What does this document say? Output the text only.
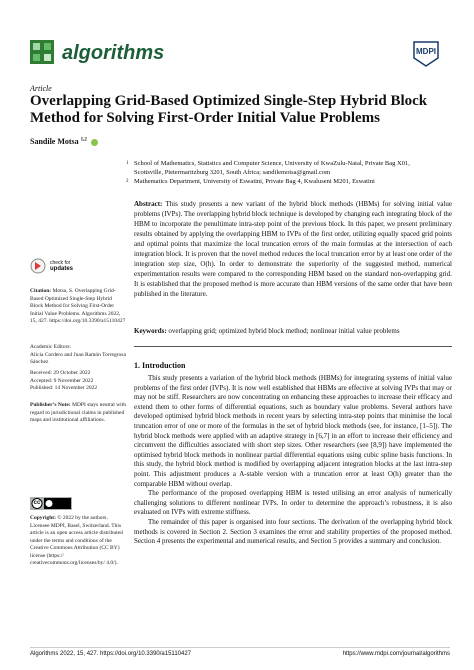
algorithms	MDPI
Article
Overlapping Grid-Based Optimized Single-Step Hybrid Block Method for Solving First-Order Initial Value Problems
Sandile Motsa $^{1,2}$
1 School of Mathematics, Statistics and Computer Science, University of KwaZulu-Natal, Private Bag X01,
Scottsville, Pietermaritzburg 3201, South Africa; sandilemotsa@gmail.com
2 Mathematics Department, University of Eswatini, Private Bag 4, Kwaluseni M201, Eswatini
Abstract: This study presents a new variant of the hybrid block methods (HBMs) for solving initial value problems (IVPs). The overlapping hybrid block technique is developed by changing each integrating block of the HBM to incorporate the penultimate intra-step point of the previous block. In this paper, we present preliminary results obtained by applying the overlapping HBM to IVPs of the first order, utilizing equally spaced grid points and optimal points that maximize the local truncation errors of the main formulas at the intersection of each integration block. It is proven that the novel method reduces the local truncation error by at least one order of the integration step size, O(h). In order to demonstrate the superiority of the suggested method, numerical experimentation results were compared to the corresponding HBM based on the standard non-overlapping grid. It is established that the proposed method is more accurate than HBM versions of the same order that have been published in the literature.
Keywords: overlapping grid; optimized hybrid block method; nonlinear initial value problems
check for
updates
Citation: Motsa, S. Overlapping Grid-Based Optimized Single-Step Hybrid Block Method for Solving First-Order Initial Value Problems. Algorithms 2022, 15, 427. https://doi.org/10.3390/a15110427
Academic Editors:
Alicia Cordero and Juan Ramón Torregrosa Sánchez
Received: 29 October 2022
Accepted: 9 November 2022
Published: 14 November 2022
Publisher’s Note: MDPI stays neutral with regard to jurisdictional claims in published maps and institutional affiliations.
cc
Copyright: © 2022 by the authors. Licensee MDPI, Basel, Switzerland. This article is an open access article distributed under the terms and conditions of the Creative Commons Attribution (CC BY) license (https:// creativecommons.org/licenses/by/ 4.0/).
1. Introduction

This study presents a variation of the hybrid block methods (HBMs) for integrating systems of initial value problems of the first order (IVPs). It is now well established that HBMs are effective at solving IVPs that may or may not be stiff. Researchers are now concentrating on enhancing these approaches to increase their efficacy and extend them to other forms of differential equations, such as boundary value problems. Several authors have developed optimised hybrid block methods in recent years by selecting intra-step points that minimise the local truncation error of one or more of the formulas in the set of hybrid block methods (see, for instance, [1–5]). The hybrid block methods were applied with an adaptive strategy in [6,7] in an effort to increase their efficiency and circumvent the difficulties associated with short step sizes. Other researchers (see [8,9]) have implemented the optimised hybrid block methods in nonlinear partial differential equations using cubic spline basis functions. In this study, the hybrid block method is modified by overlapping adjacent integration blocks at the last intra-step point. This adjustment produces a A-stable version with a truncation error at least O(h) greater than the comparable HBM without overlap.

The performance of the proposed overlapping HBM is tested utilising an error analysis of numerically challenging solutions to different nonlinear IVPs. In order to determine the approach’s robustness, it is also evaluated on IVPs with extreme stiffness.

The remainder of this paper is organised into four sections. The derivation of the overlapping hybrid block methods is covered in Section 2. Section 3 examines the error and stability properties of the proposed method. Section 4 presents the experimental and numerical results, and Section 5 provides a summary and conclusion.

Algorithms 2022, 15, 427. https://doi.org/10.3390/a15110427	https://www.mdpi.com/journal/algorithms
